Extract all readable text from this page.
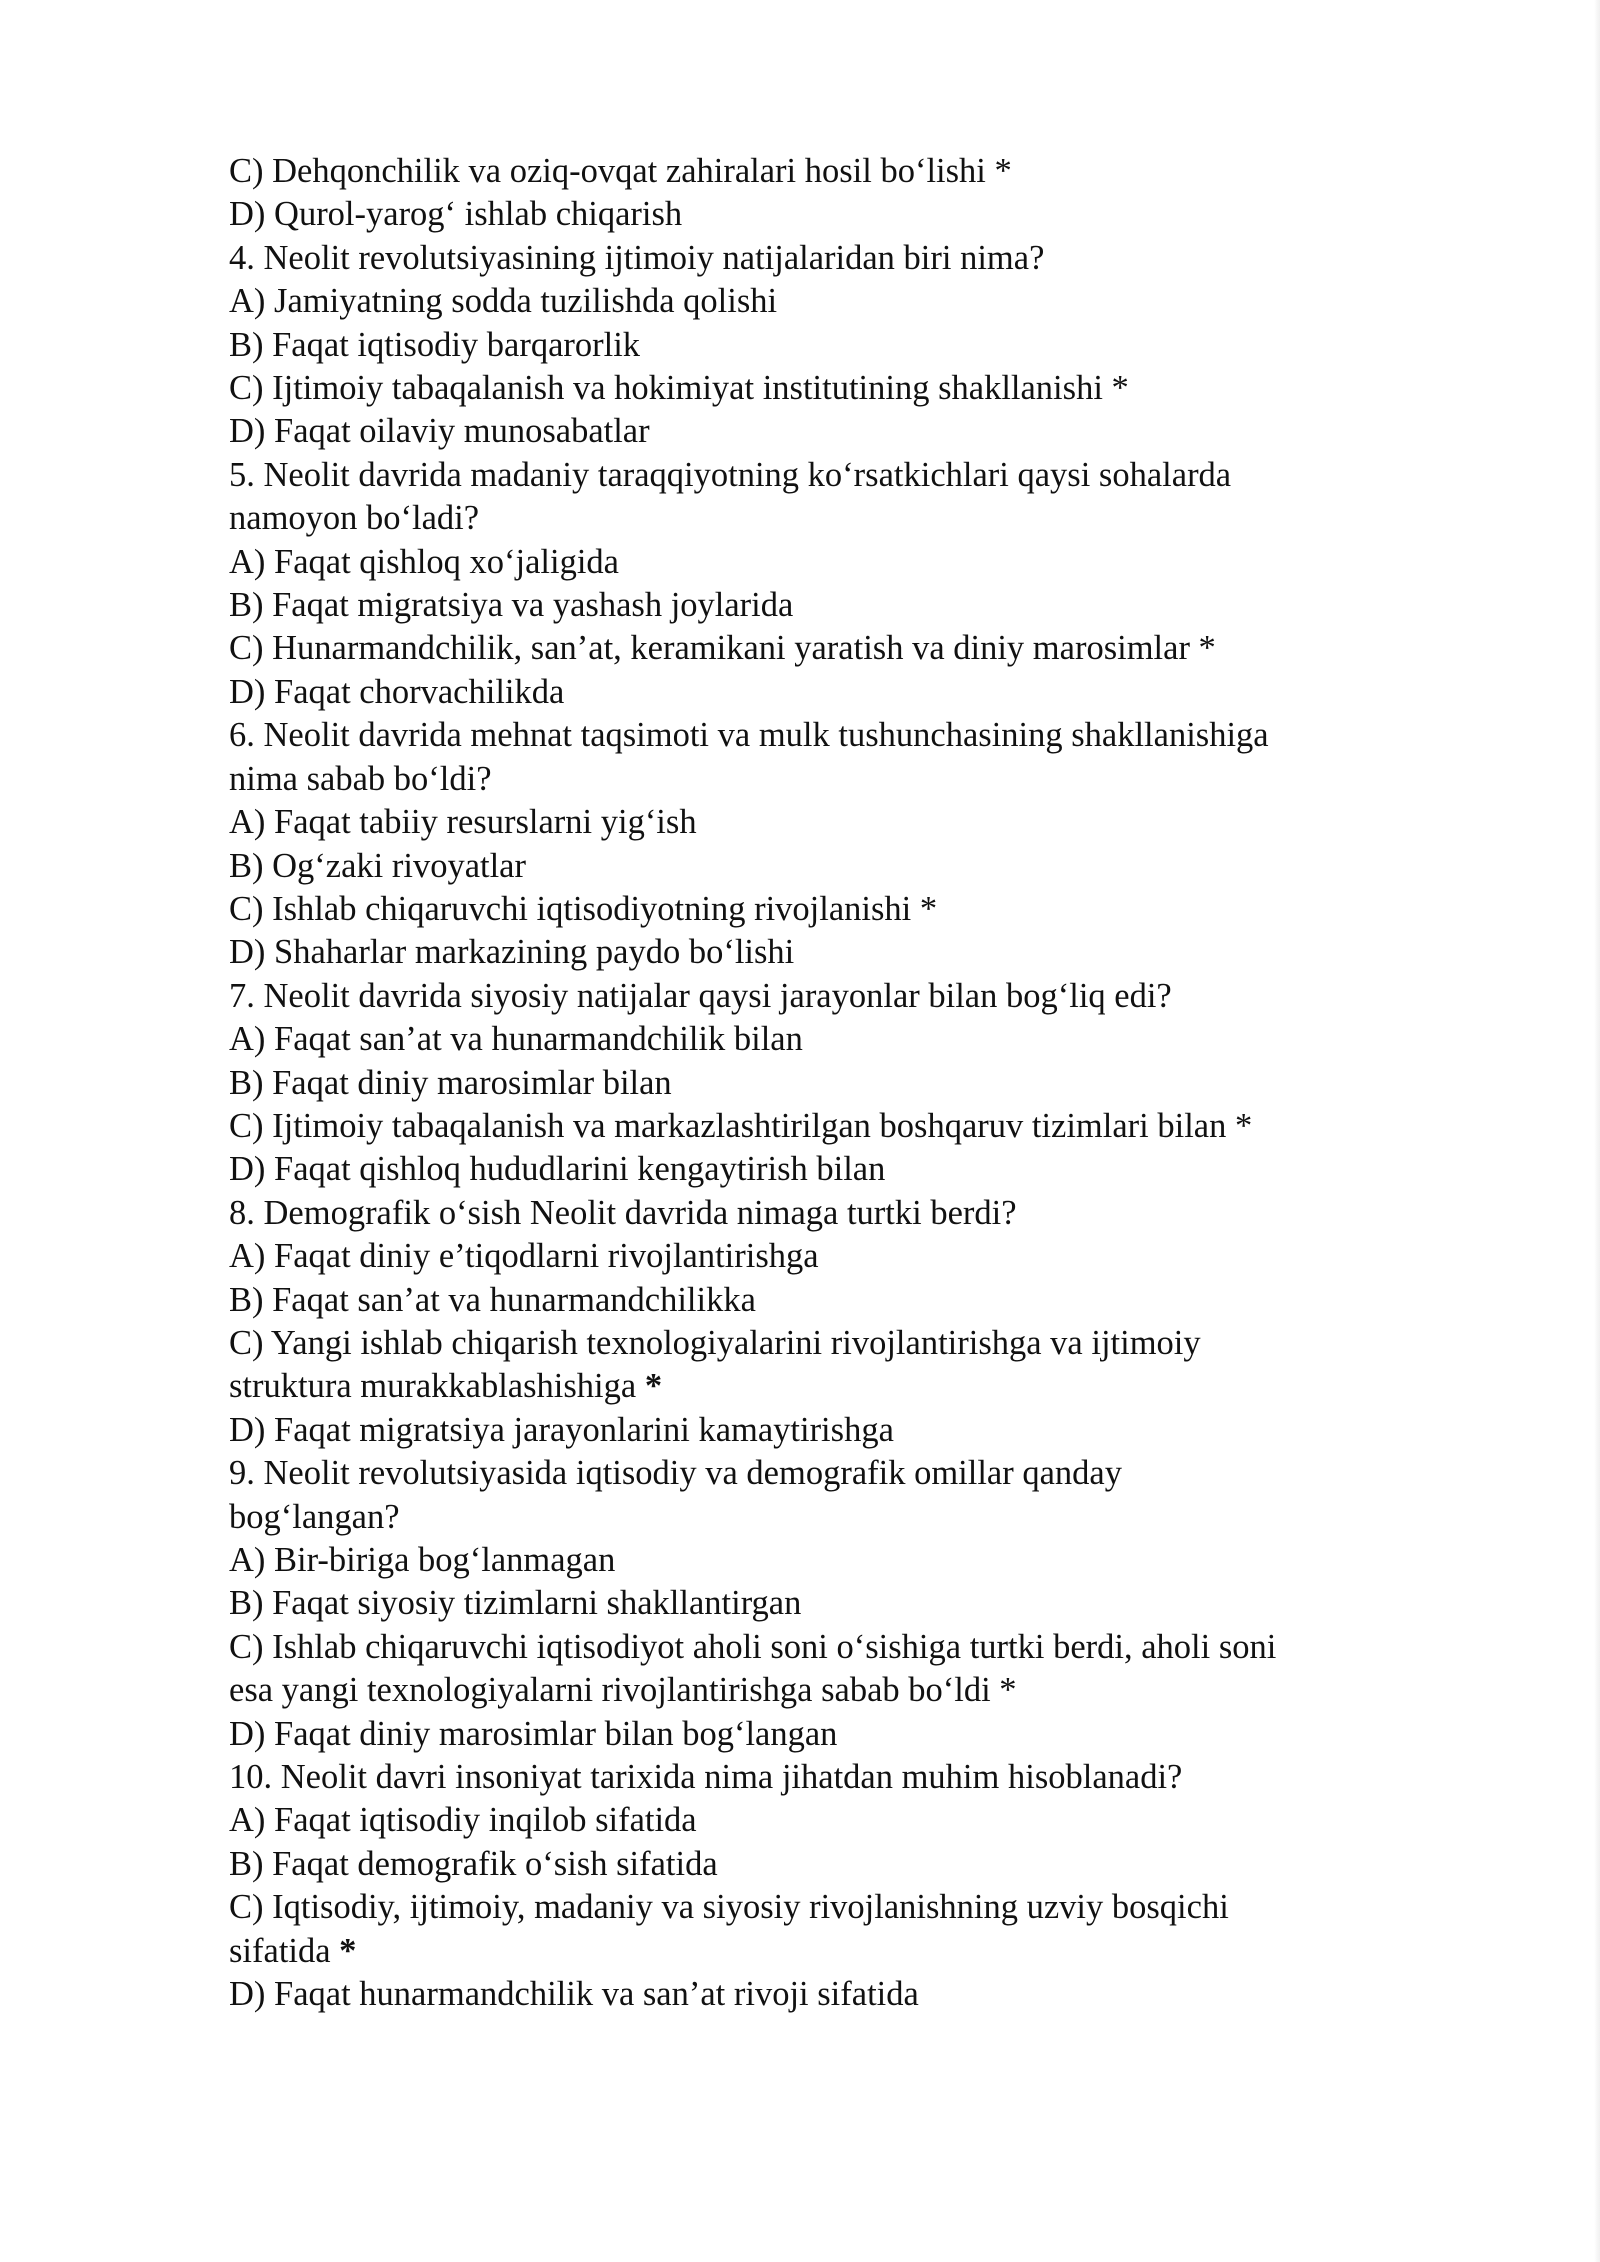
C) Dehqonchilik va oziq-ovqat zahiralari hosil bo‘lishi *

D) Qurol-yarog‘ ishlab chiqarish

4. Neolit revolutsiyasining ijtimoiy natijalaridan biri nima?

A) Jamiyatning sodda tuzilishda qolishi

B) Faqat iqtisodiy barqarorlik

C) Ijtimoiy tabaqalanish va hokimiyat institutining shakllanishi *

D) Faqat oilaviy munosabatlar

5. Neolit davrida madaniy taraqqiyotning ko‘rsatkichlari qaysi sohalarda

namoyon bo‘ladi?

A) Faqat qishloq xo‘jaligida

B) Faqat migratsiya va yashash joylarida

C) Hunarmandchilik, san’at, keramikani yaratish va diniy marosimlar *

D) Faqat chorvachilikda

6. Neolit davrida mehnat taqsimoti va mulk tushunchasining shakllanishiga

nima sabab bo‘ldi?

A) Faqat tabiiy resurslarni yig‘ish

B) Og‘zaki rivoyatlar

C) Ishlab chiqaruvchi iqtisodiyotning rivojlanishi *

D) Shaharlar markazining paydo bo‘lishi

7. Neolit davrida siyosiy natijalar qaysi jarayonlar bilan bog‘liq edi?

A) Faqat san’at va hunarmandchilik bilan

B) Faqat diniy marosimlar bilan

C) Ijtimoiy tabaqalanish va markazlashtirilgan boshqaruv tizimlari bilan *

D) Faqat qishloq hududlarini kengaytirish bilan

8. Demografik o‘sish Neolit davrida nimaga turtki berdi?

A) Faqat diniy e’tiqodlarni rivojlantirishga

B) Faqat san’at va hunarmandchilikka

C) Yangi ishlab chiqarish texnologiyalarini rivojlantirishga va ijtimoiy

struktura murakkablashishiga *

D) Faqat migratsiya jarayonlarini kamaytirishga

9. Neolit revolutsiyasida iqtisodiy va demografik omillar qanday

bog‘langan?

A) Bir-biriga bog‘lanmagan

B) Faqat siyosiy tizimlarni shakllantirgan

C) Ishlab chiqaruvchi iqtisodiyot aholi soni o‘sishiga turtki berdi, aholi soni

esa yangi texnologiyalarni rivojlantirishga sabab bo‘ldi *

D) Faqat diniy marosimlar bilan bog‘langan

10. Neolit davri insoniyat tarixida nima jihatdan muhim hisoblanadi?

A) Faqat iqtisodiy inqilob sifatida

B) Faqat demografik o‘sish sifatida

C) Iqtisodiy, ijtimoiy, madaniy va siyosiy rivojlanishning uzviy bosqichi

sifatida *

D) Faqat hunarmandchilik va san’at rivoji sifatida
